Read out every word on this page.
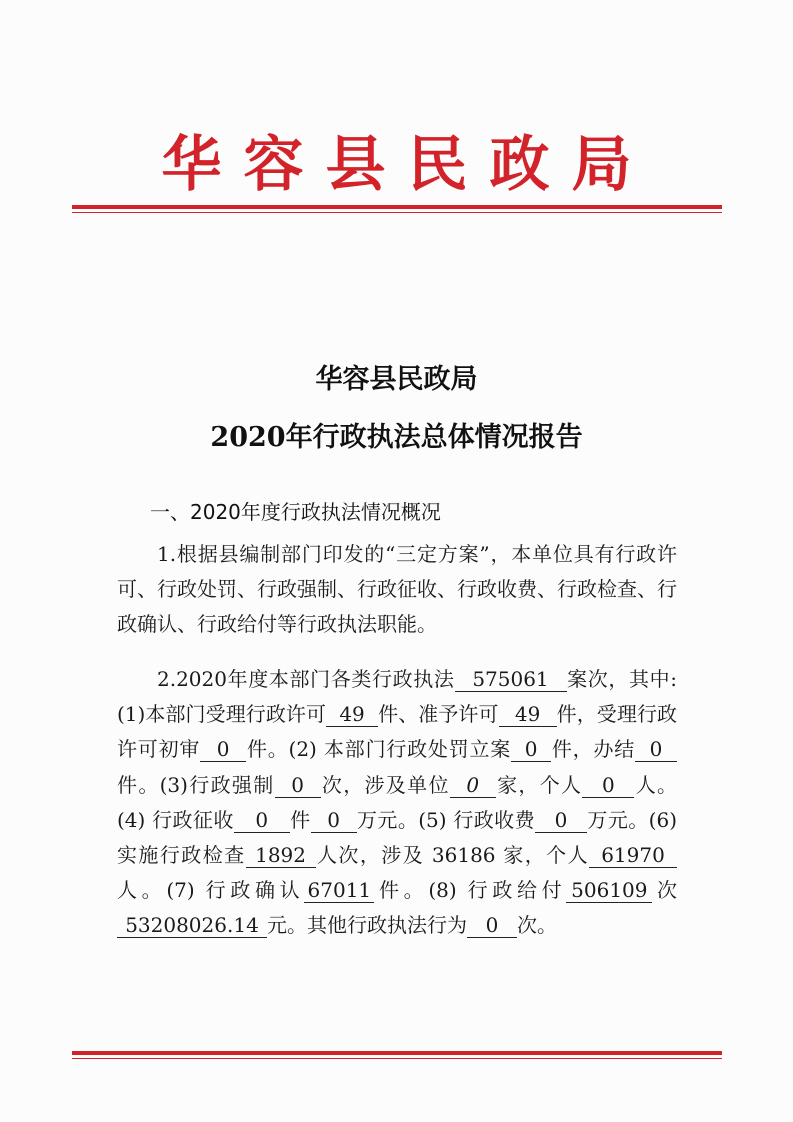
华容县民政局
华容县民政局
2020年行政执法总体情况报告
一、2020年度行政执法情况概况

1.根据县编制部门印发的“三定方案”，本单位具有行政许可、行政处罚、行政强制、行政征收、行政收费、行政检查、行政确认、行政给付等行政执法职能。

2.2020年度本部门各类行政执法 575061 案次，其中:(1)本部门受理行政许可 49 件、准予许可 49 件，受理行政许可初审 0 件。(2) 本部门行政处罚立案 0 件，办结 0件。(3)行政强制 0 次，涉及单位 0 家，个人 0 人。(4) 行政征收 0 件 0 万元。(5) 行政收费 0 万元。(6)实施行政检查 1892 人次，涉及 36186 家，个人 61970人。(7) 行政确认 67011 件。(8) 行政给付 506109 次53208026.14 元。其他行政执法行为 0 次。
